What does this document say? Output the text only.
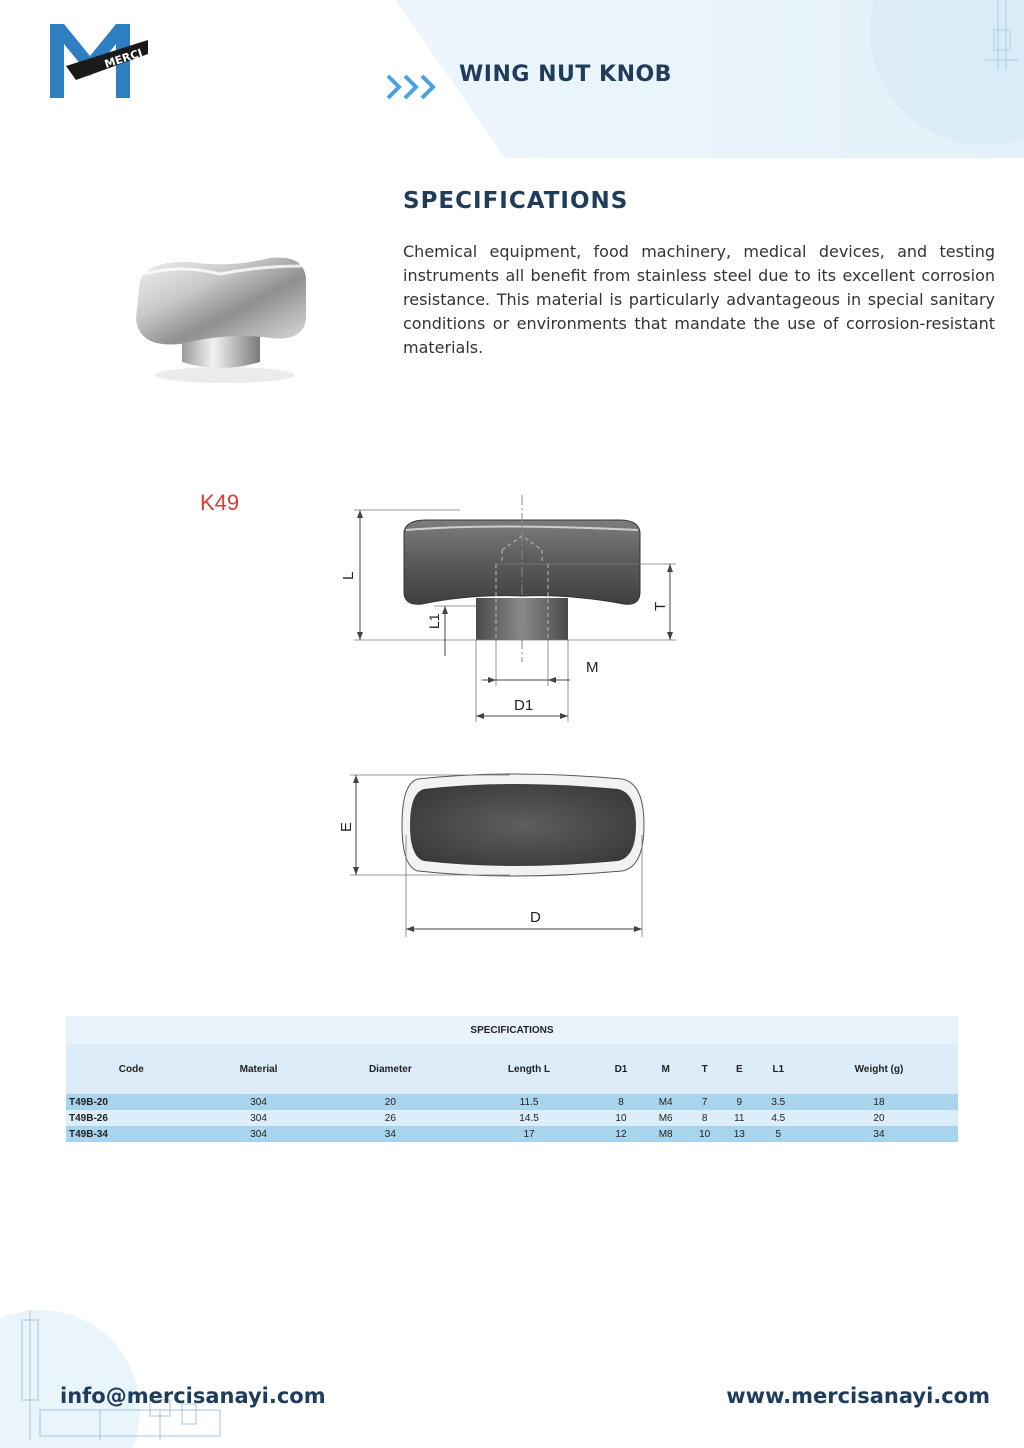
MERCI
WING NUT KNOB
SPECIFICATIONS
Chemical equipment, food machinery, medical devices, and testing instruments all benefit from stainless steel due to its excellent corrosion resistance. This material is particularly advantageous in special sanitary conditions or environments that mandate the use of corrosion-resistant materials.
K49
L
L1
T
M
D1
E
D
SPECIFICATIONS									
Code	Material	Diameter	Length L	D1	M	T	E	L1	Weight (g)
T49B-20	304	20	11.5	8	M4	7	9	3.5	18
T49B-26	304	26	14.5	10	M6	8	11	4.5	20
T49B-34	304	34	17	12	M8	10	13	5	34
info@mercisanayi.com	www.mercisanayi.com
